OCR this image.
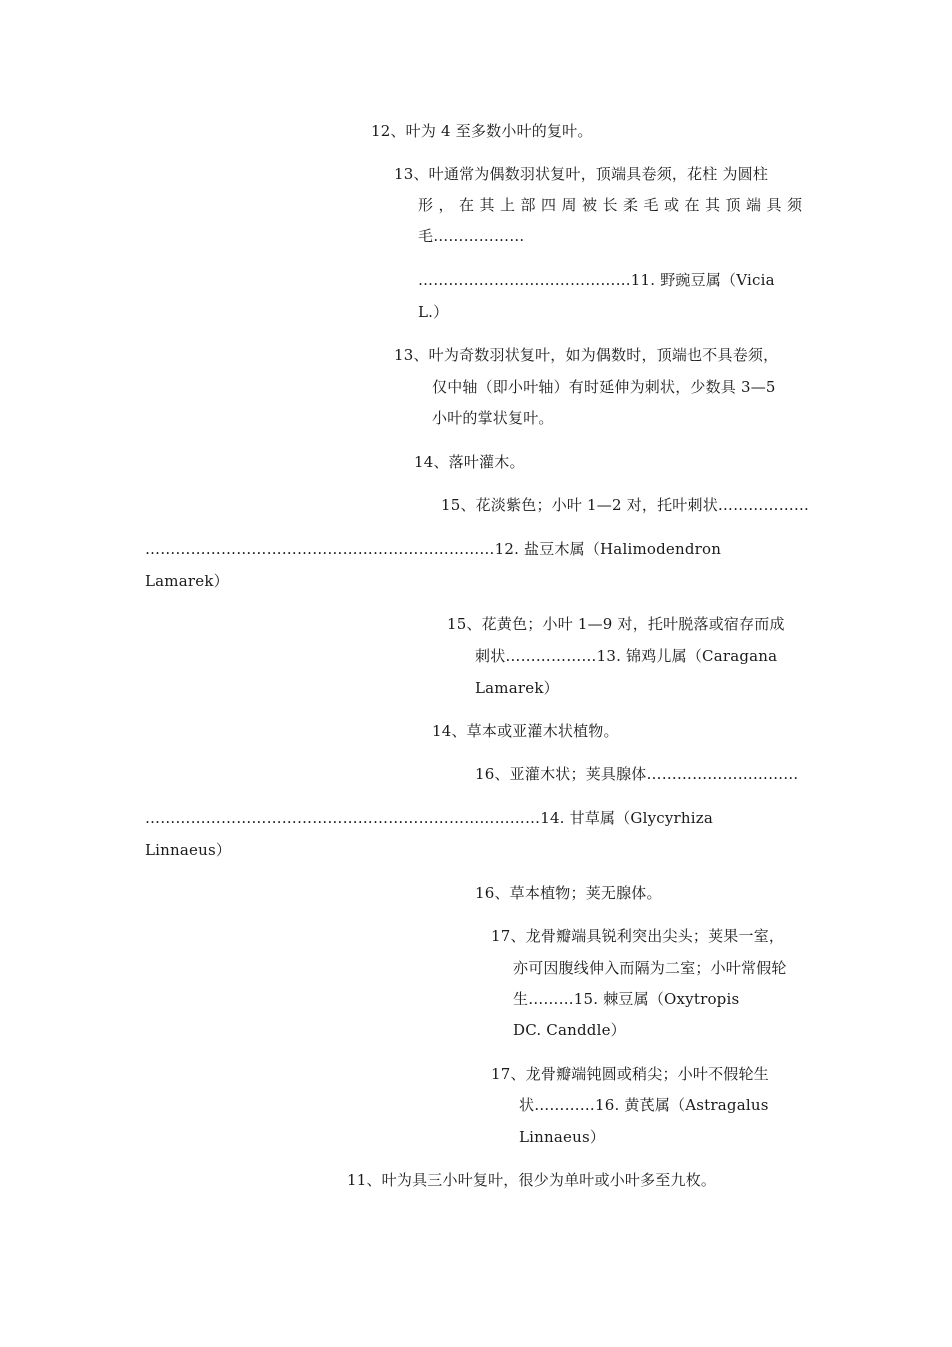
12、叶为 4 至多数小叶的复叶。
13、叶通常为偶数羽状复叶，顶端具卷须，花柱 为圆柱
形，在其上部四周被长柔毛或在其顶端具须
毛………………
……………………………………11. 野豌豆属（Vicia
L.）
13、叶为奇数羽状复叶，如为偶数时，顶端也不具卷须，
仅中轴（即小叶轴）有时延伸为刺状，少数具 3—5
小叶的掌状复叶。
14、落叶灌木。
15、花淡紫色；小叶 1—2 对，托叶刺状………………
……………………………………………………………12. 盐豆木属（Halimodendron
Lamarek）
15、花黄色；小叶 1—9 对，托叶脱落或宿存而成
刺状………………13. 锦鸡儿属（Caragana
Lamarek）
14、草本或亚灌木状植物。
16、亚灌木状；荚具腺体…………………………
……………………………………………………………………14. 甘草属（Glycyrhiza
Linnaeus）
16、草本植物；荚无腺体。
17、龙骨瓣端具锐利突出尖头；荚果一室，
亦可因腹线伸入而隔为二室；小叶常假轮
生………15. 棘豆属（Oxytropis
DC. Canddle）
17、龙骨瓣端钝圆或稍尖；小叶不假轮生
状…………16. 黄芪属（Astragalus
Linnaeus）
11、叶为具三小叶复叶，很少为单叶或小叶多至九枚。
